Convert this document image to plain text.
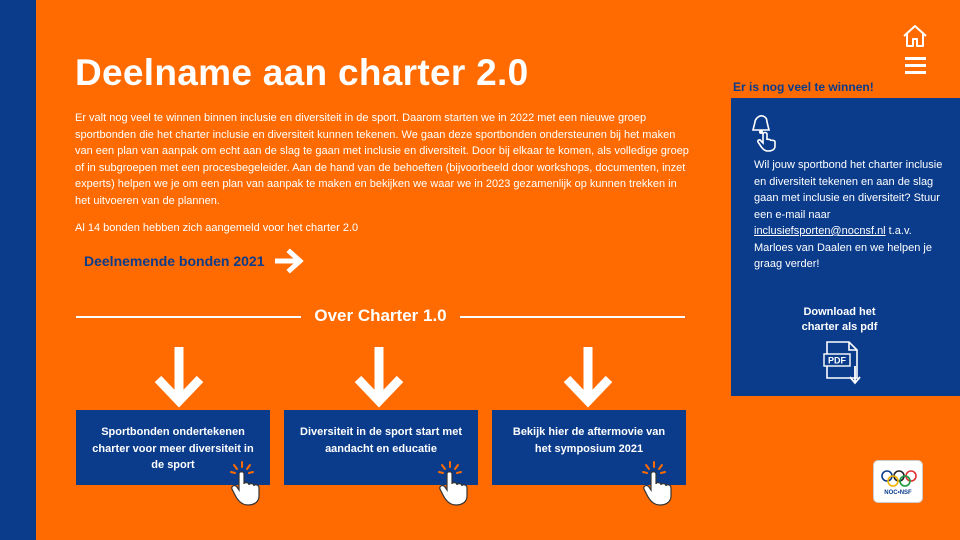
Deelname aan charter 2.0

Er valt nog veel te winnen binnen inclusie en diversiteit in de sport. Daarom starten we in 2022 met een nieuwe groep sportbonden die het charter inclusie en diversiteit kunnen tekenen. We gaan deze sportbonden ondersteunen bij het maken van een plan van aanpak om echt aan de slag te gaan met inclusie en diversiteit. Door bij elkaar te komen, als volledige groep of in subgroepen met een procesbegeleider. Aan de hand van de behoeften (bijvoorbeeld door workshops, documenten, inzet experts) helpen we je om een plan van aanpak te maken en bekijken we waar we in 2023 gezamenlijk op kunnen trekken in het uitvoeren van de plannen.

Al 14 bonden hebben zich aangemeld voor het charter 2.0

Deelnemende bonden 2021
Over Charter 1.0
Sportbonden ondertekenen charter voor meer diversiteit in de sport
Diversiteit in de sport start met aandacht en educatie
Bekijk hier de aftermovie van het symposium 2021
Er is nog veel te winnen!

Wil jouw sportbond het charter inclusie en diversiteit tekenen en aan de slag gaan met inclusie en diversiteit? Stuur een e-mail naar inclusiefsporten@nocnsf.nl t.a.v. Marloes van Daalen en we helpen je graag verder!

Download het charter als pdf
PDF
NOC•NSF
